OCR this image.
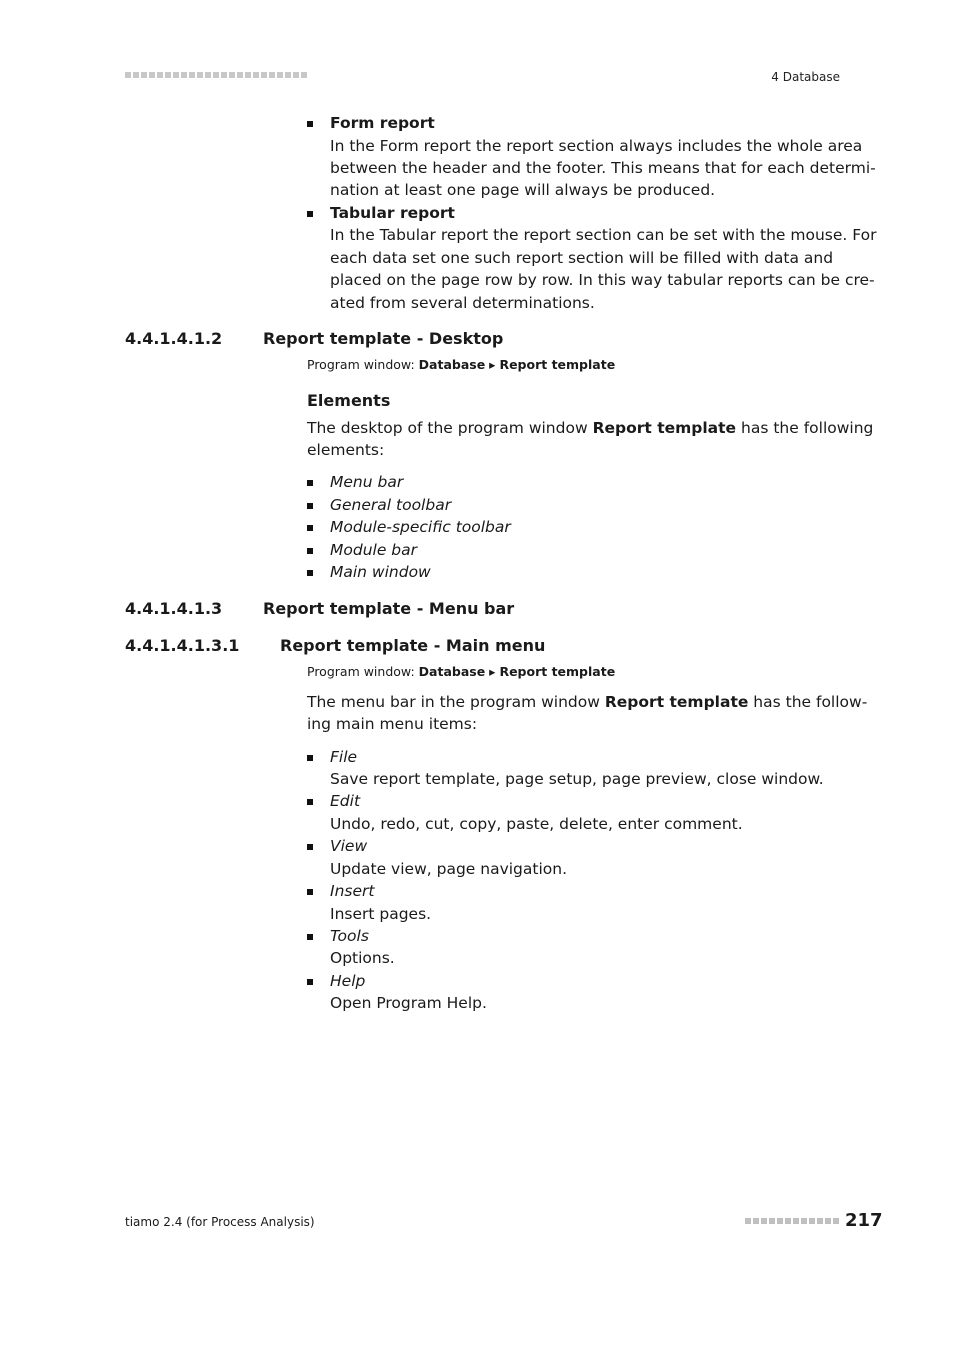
4 Database
Form report
In the Form report the report section always includes the whole area
between the header and the footer. This means that for each determi-
nation at least one page will always be produced.
Tabular report
In the Tabular report the report section can be set with the mouse. For
each data set one such report section will be filled with data and
placed on the page row by row. In this way tabular reports can be cre-
ated from several determinations.
4.4.1.4.1.2	Report template - Desktop
Program window: Database ▸ Report template
Elements
The desktop of the program window Report template has the following
elements:
Menu bar
General toolbar
Module-specific toolbar
Module bar
Main window
4.4.1.4.1.3	Report template - Menu bar
4.4.1.4.1.3.1	Report template - Main menu
Program window: Database ▸ Report template
The menu bar in the program window Report template has the follow-
ing main menu items:
File
Save report template, page setup, page preview, close window.
Edit
Undo, redo, cut, copy, paste, delete, enter comment.
View
Update view, page navigation.
Insert
Insert pages.
Tools
Options.
Help
Open Program Help.
tiamo 2.4 (for Process Analysis)	217
